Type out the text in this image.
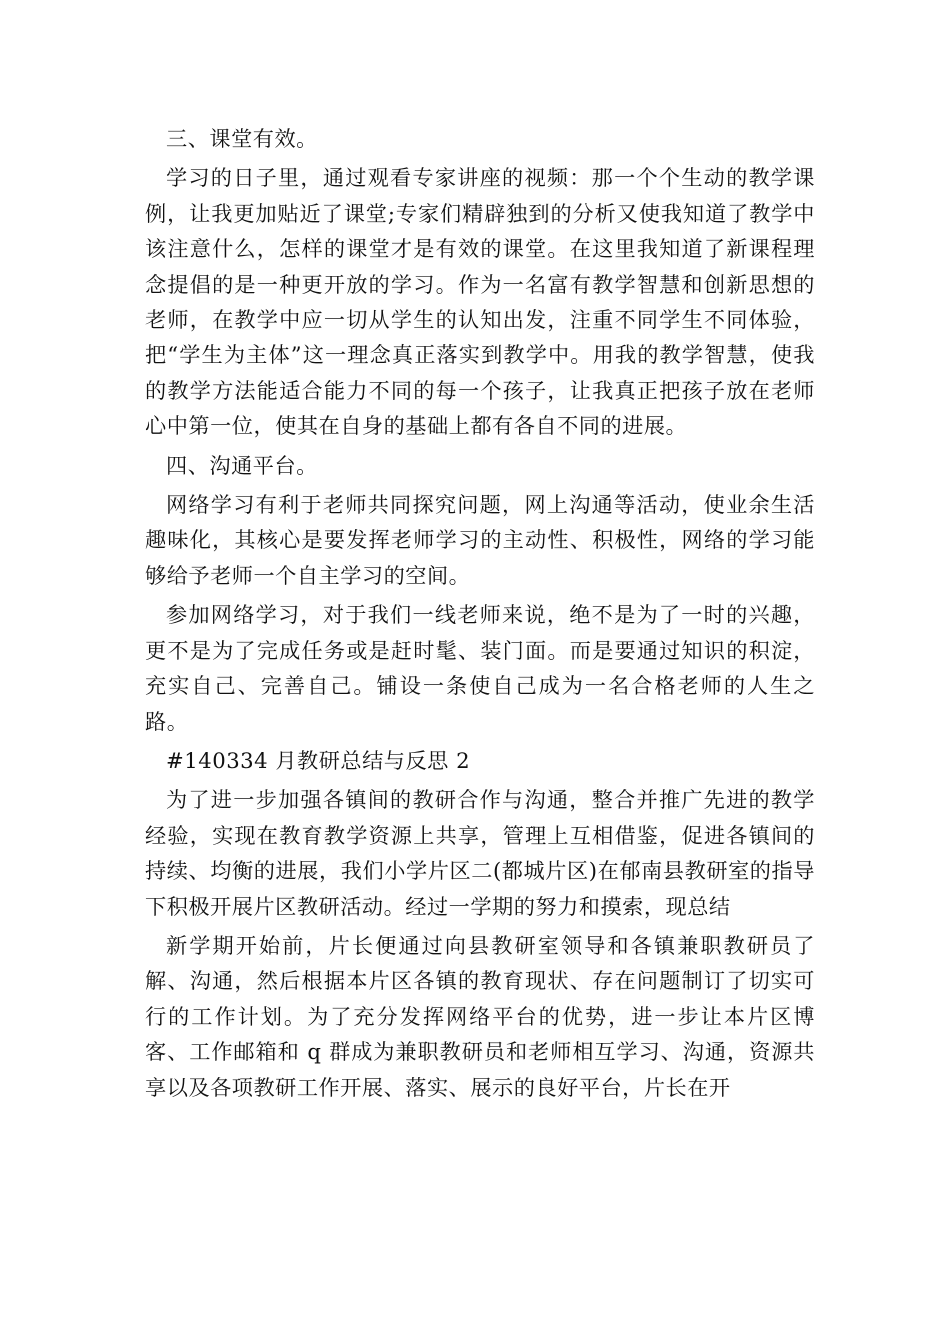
三、课堂有效。

学习的日子里，通过观看专家讲座的视频：那一个个生动的教学课例，让我更加贴近了课堂;专家们精辟独到的分析又使我知道了教学中该注意什么，怎样的课堂才是有效的课堂。在这里我知道了新课程理念提倡的是一种更开放的学习。作为一名富有教学智慧和创新思想的老师，在教学中应一切从学生的认知出发，注重不同学生不同体验，把“学生为主体”这一理念真正落实到教学中。用我的教学智慧，使我的教学方法能适合能力不同的每一个孩子，让我真正把孩子放在老师心中第一位，使其在自身的基础上都有各自不同的进展。

四、沟通平台。

网络学习有利于老师共同探究问题，网上沟通等活动，使业余生活趣味化，其核心是要发挥老师学习的主动性、积极性，网络的学习能够给予老师一个自主学习的空间。

参加网络学习，对于我们一线老师来说，绝不是为了一时的兴趣，更不是为了完成任务或是赶时髦、装门面。而是要通过知识的积淀，充实自己、完善自己。铺设一条使自己成为一名合格老师的人生之路。

#140334 月教研总结与反思 2

为了进一步加强各镇间的教研合作与沟通，整合并推广先进的教学经验，实现在教育教学资源上共享，管理上互相借鉴，促进各镇间的持续、均衡的进展，我们小学片区二(都城片区)在郁南县教研室的指导下积极开展片区教研活动。经过一学期的努力和摸索，现总结

新学期开始前，片长便通过向县教研室领导和各镇兼职教研员了解、沟通，然后根据本片区各镇的教育现状、存在问题制订了切实可行的工作计划。为了充分发挥网络平台的优势，进一步让本片区博客、工作邮箱和 q 群成为兼职教研员和老师相互学习、沟通，资源共享以及各项教研工作开展、落实、展示的良好平台，片长在开
